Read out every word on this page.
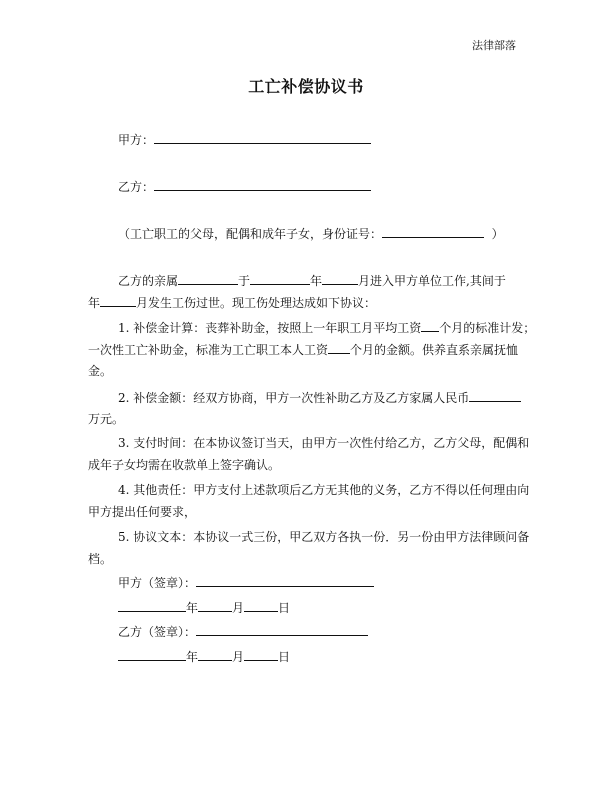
法律部落
工亡补偿协议书
甲方：
乙方：
（工亡职工的父母，配偶和成年子女，身份证号：	）
乙方的亲属	于	年	月进入甲方单位工作,其间于
年	月发生工伤过世。现工伤处理达成如下协议：
1. 补偿金计算：丧葬补助金，按照上一年职工月平均工资 个月的标准计发；
一次性工亡补助金，标准为工亡职工本人工资 个月的金额。供养直系亲属抚恤
金。
2. 补偿金额：经双方协商，甲方一次性补助乙方及乙方家属人民币
万元。
3. 支付时间：在本协议签订当天，由甲方一次性付给乙方，乙方父母，配偶和
成年子女均需在收款单上签字确认。
4. 其他责任：甲方支付上述款项后乙方无其他的义务，乙方不得以任何理由向
甲方提出任何要求，
5. 协议文本：本协议一式三份，甲乙双方各执一份．另一份由甲方法律顾问备
档。
甲方（签章）：
年	月	日
乙方（签章）：
年	月	日
